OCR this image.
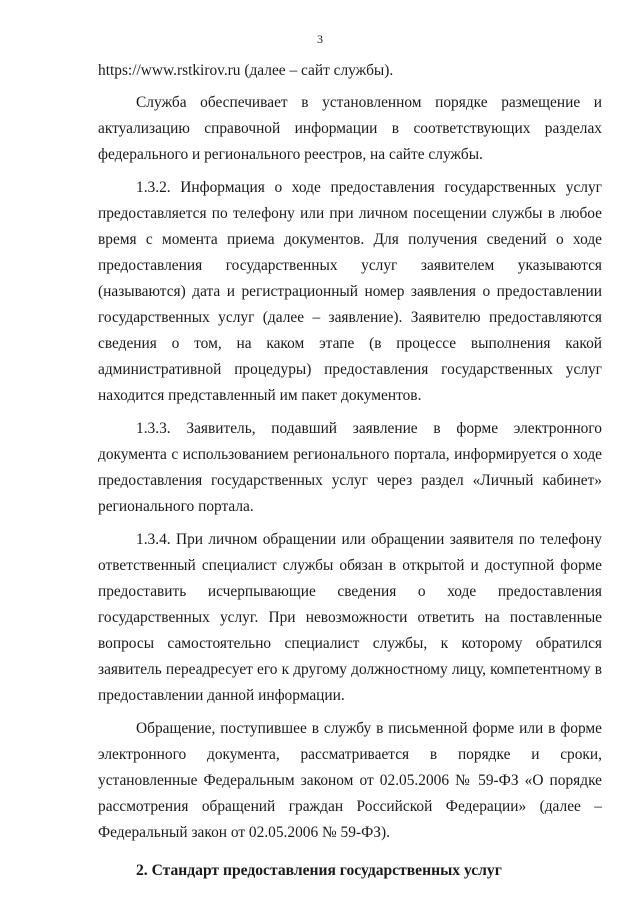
3

https://www.rstkirov.ru (далее – сайт службы).

Служба обеспечивает в установленном порядке размещение и актуализацию справочной информации в соответствующих разделах федерального и регионального реестров, на сайте службы.

1.3.2. Информация о ходе предоставления государственных услуг предоставляется по телефону или при личном посещении службы в любое время с момента приема документов. Для получения сведений о ходе предоставления государственных услуг заявителем указываются (называются) дата и регистрационный номер заявления о предоставлении государственных услуг (далее – заявление). Заявителю предоставляются сведения о том, на каком этапе (в процессе выполнения какой административной процедуры) предоставления государственных услуг находится представленный им пакет документов.

1.3.3. Заявитель, подавший заявление в форме электронного документа с использованием регионального портала, информируется о ходе предоставления государственных услуг через раздел «Личный кабинет» регионального портала.

1.3.4. При личном обращении или обращении заявителя по телефону ответственный специалист службы обязан в открытой и доступной форме предоставить исчерпывающие сведения о ходе предоставления государственных услуг. При невозможности ответить на поставленные вопросы самостоятельно специалист службы, к которому обратился заявитель переадресует его к другому должностному лицу, компетентному в предоставлении данной информации.

Обращение, поступившее в службу в письменной форме или в форме электронного документа, рассматривается в порядке и сроки, установленные Федеральным законом от 02.05.2006 № 59-ФЗ «О порядке рассмотрения обращений граждан Российской Федерации» (далее – Федеральный закон от 02.05.2006 № 59-ФЗ).

2. Стандарт предоставления государственных услуг
